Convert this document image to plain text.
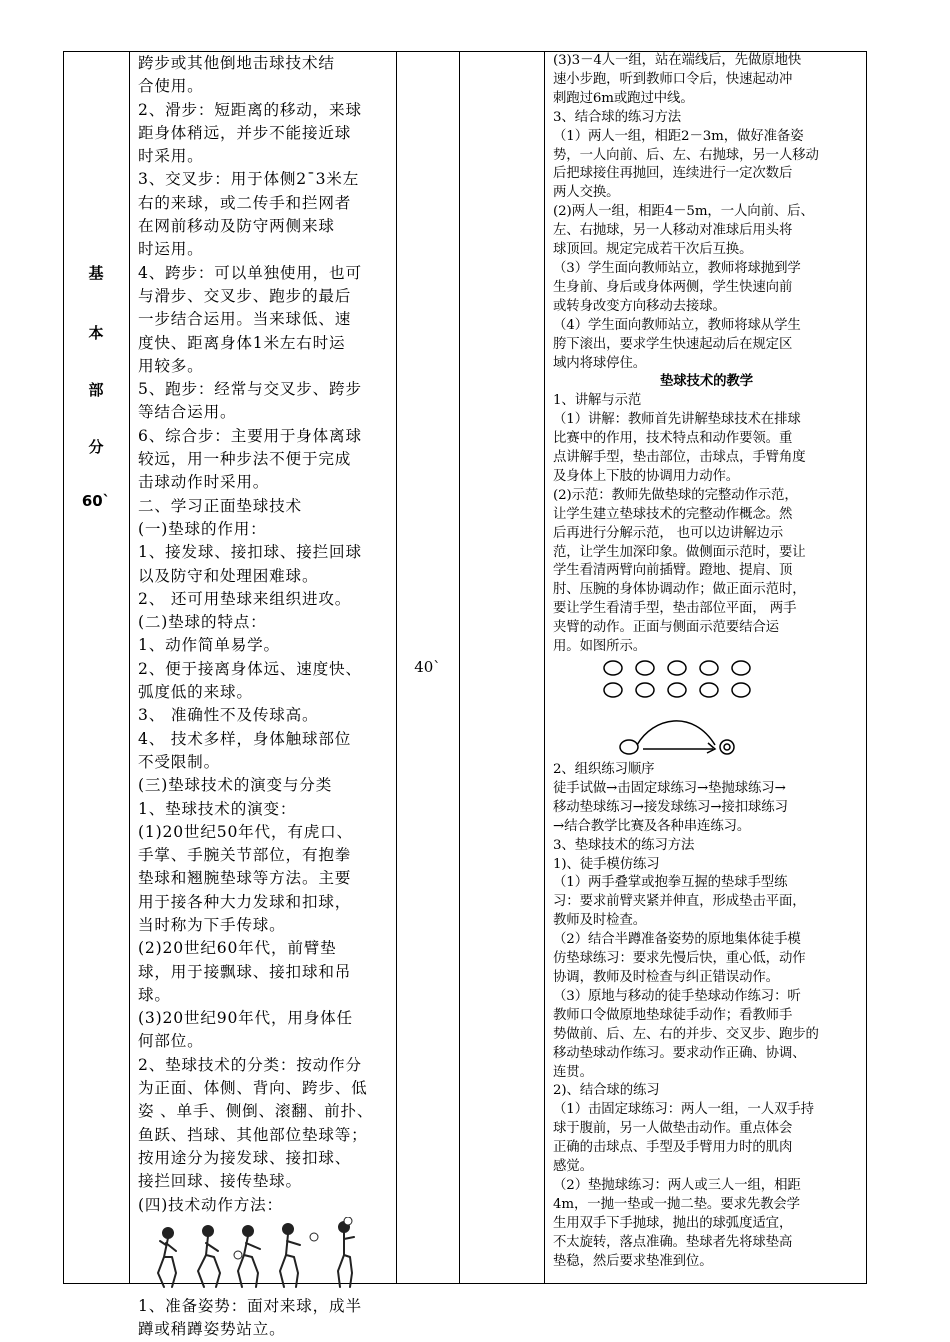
基
本
部
分
60`
40`

跨步或其他倒地击球技术结

合使用。

2、滑步：短距离的移动，来球

距身体稍远，并步不能接近球

时采用。

3、交叉步：用于体侧2ˉ3米左

右的来球，或二传手和拦网者

在网前移动及防守两侧来球

时运用。

4、跨步：可以单独使用，也可

与滑步、交叉步、跑步的最后

一步结合运用。当来球低、速

度快、距离身体1米左右时运

用较多。

5、跑步：经常与交叉步、跨步

等结合运用。

6、综合步：主要用于身体离球

较远，用一种步法不便于完成

击球动作时采用。

二、学习正面垫球技术

(一)垫球的作用：

1、接发球、接扣球、接拦回球

以及防守和处理困难球。

2、 还可用垫球来组织进攻。

(二)垫球的特点：

1、动作简单易学。

2、便于接离身体远、速度快、

弧度低的来球。

3、 准确性不及传球高。

4、 技术多样，身体触球部位

不受限制。

(三)垫球技术的演变与分类

1、垫球技术的演变：

(1)20世纪50年代，有虎口、

手掌、手腕关节部位，有抱拳

垫球和翘腕垫球等方法。主要

用于接各种大力发球和扣球，

当时称为下手传球。

(2)20世纪60年代，前臂垫

球，用于接飘球、接扣球和吊

球。

(3)20世纪90年代，用身体任

何部位。

2、垫球技术的分类：按动作分

为正面、体侧、背向、跨步、低

姿 、单手、侧倒、滚翻、前扑、

鱼跃、挡球、其他部位垫球等；

按用途分为接发球、接扣球、

接拦回球、接传垫球。

(四)技术动作方法：

1、准备姿势：面对来球，成半

蹲或稍蹲姿势站立。

(3)3－4人一组，站在端线后，先做原地快

速小步跑，听到教师口令后，快速起动冲

刺跑过6m或跑过中线。

3、结合球的练习方法

（1）两人一组，相距2－3m，做好准备姿

势，一人向前、后、左、右抛球，另一人移动

后把球接住再抛回，连续进行一定次数后

两人交换。

(2)两人一组，相距4－5m，一人向前、后、

左、右抛球，另一人移动对准球后用头将

球顶回。规定完成若干次后互换。

（3）学生面向教师站立，教师将球抛到学

生身前、身后或身体两侧，学生快速向前

或转身改变方向移动去接球。

（4）学生面向教师站立，教师将球从学生

胯下滚出，要求学生快速起动后在规定区

域内将球停住。

垫球技术的教学

1、讲解与示范

（1）讲解：教师首先讲解垫球技术在排球

比赛中的作用，技术特点和动作要领。重

点讲解手型，垫击部位，击球点，手臂角度

及身体上下肢的协调用力动作。

(2)示范：教师先做垫球的完整动作示范，

让学生建立垫球技术的完整动作概念。然

后再进行分解示范， 也可以边讲解边示

范，让学生加深印象。做侧面示范时，要让

学生看清两臂向前插臂。蹬地、提肩、顶

肘、压腕的身体协调动作；做正面示范时，

要让学生看清手型，垫击部位平面， 两手

夹臂的动作。正面与侧面示范要结合运

用。如图所示。

2、组织练习顺序

徒手试做→击固定球练习→垫抛球练习→

移动垫球练习→接发球练习→接扣球练习

→结合教学比赛及各种串连练习。

3、垫球技术的练习方法

1)、徒手模仿练习

（1）两手叠掌或抱拳互握的垫球手型练

习：要求前臂夹紧并伸直，形成垫击平面，

教师及时检查。

（2）结合半蹲准备姿势的原地集体徒手模

仿垫球练习：要求先慢后快，重心低，动作

协调，教师及时检查与纠正错误动作。

（3）原地与移动的徒手垫球动作练习：听

教师口令做原地垫球徒手动作；看教师手

势做前、后、左、右的并步、交叉步、跑步的

移动垫球动作练习。要求动作正确、协调、

连贯。

2)、结合球的练习

（1）击固定球练习：两人一组，一人双手持

球于腹前，另一人做垫击动作。重点体会

正确的击球点、手型及手臂用力时的肌肉

感觉。

（2）垫抛球练习：两人或三人一组，相距

4m，一抛一垫或一抛二垫。要求先教会学

生用双手下手抛球，抛出的球弧度适宜，

不太旋转，落点准确。垫球者先将球垫高

垫稳，然后要求垫准到位。
